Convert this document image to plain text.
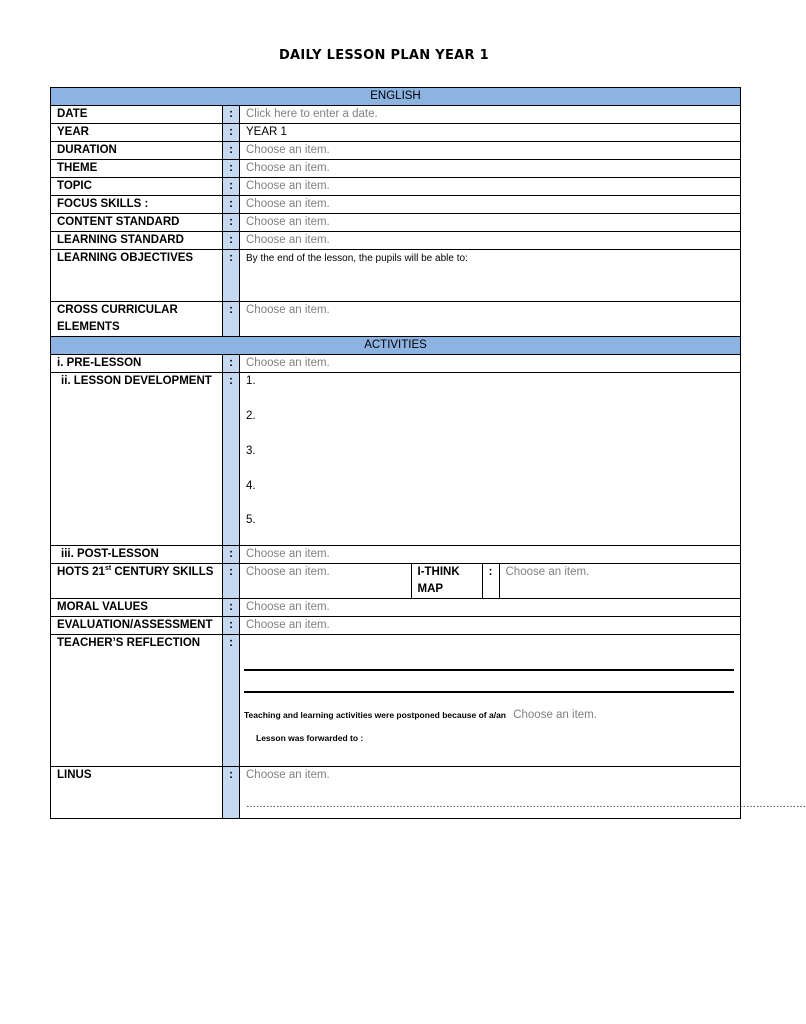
DAILY LESSON PLAN YEAR 1
ENGLISH
DATE	:	Click here to enter a date.
YEAR	:	YEAR 1
DURATION	:	Choose an item.
THEME	:	Choose an item.
TOPIC	:	Choose an item.
FOCUS SKILLS :	:	Choose an item.
CONTENT STANDARD	:	Choose an item.
LEARNING STANDARD	:	Choose an item.
LEARNING OBJECTIVES	:	By the end of the lesson, the pupils will be able to:
CROSS CURRICULAR ELEMENTS	:	Choose an item.
ACTIVITIES
i. PRE-LESSON	:	Choose an item.
ii. LESSON DEVELOPMENT	:	1.
2.
3.
4.
5.

iii. POST-LESSON	:	Choose an item.
HOTS 21st CENTURY SKILLS	:	Choose an item.	I-THINK MAP	:	Choose an item.

MORAL VALUES	:	Choose an item.
EVALUATION/ASSESSMENT	:	Choose an item.
TEACHER’S REFLECTION	:	
Teaching and learning activities were postponed because of a/an Choose an item.
Lesson was forwarded to :

LINUS	:	Choose an item.
……………………………………………………………………………………………………………………………………………………
